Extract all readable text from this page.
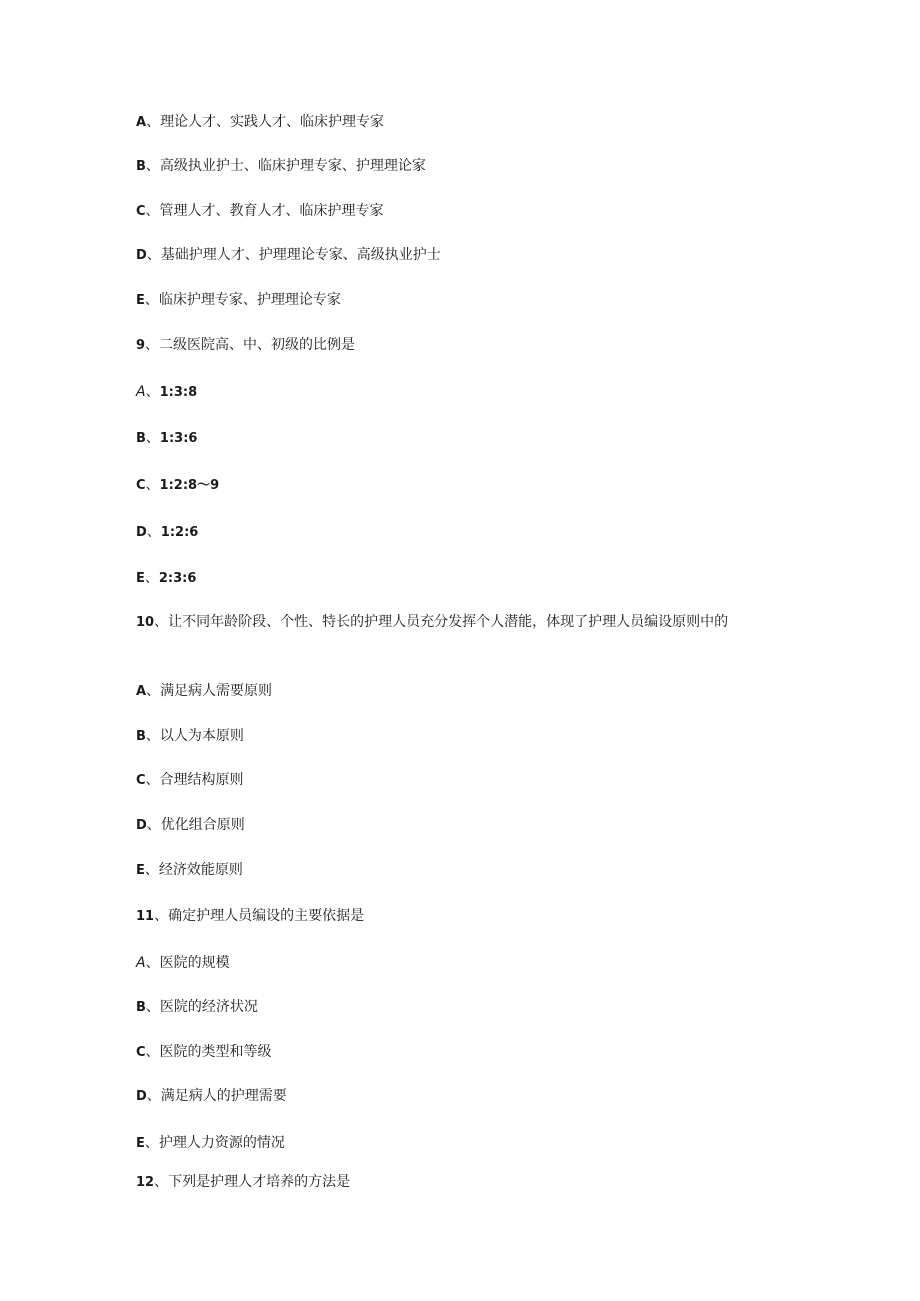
A、理论人才、实践人才、临床护理专家
B、高级执业护士、临床护理专家、护理理论家
C、管理人才、教育人才、临床护理专家
D、基础护理人才、护理理论专家、高级执业护士
E、临床护理专家、护理理论专家
9、二级医院高、中、初级的比例是
A、1:3:8
B、1:3:6
C、1:2:8～9
D、1:2:6
E、2:3:6
10、让不同年龄阶段、个性、特长的护理人员充分发挥个人潜能，体现了护理人员编设原则中的
A、满足病人需要原则
B、以人为本原则
C、合理结构原则
D、优化组合原则
E、经济效能原则
11、确定护理人员编设的主要依据是
A、医院的规模
B、医院的经济状况
C、医院的类型和等级
D、满足病人的护理需要
E、护理人力资源的情况
12、下列是护理人才培养的方法是
